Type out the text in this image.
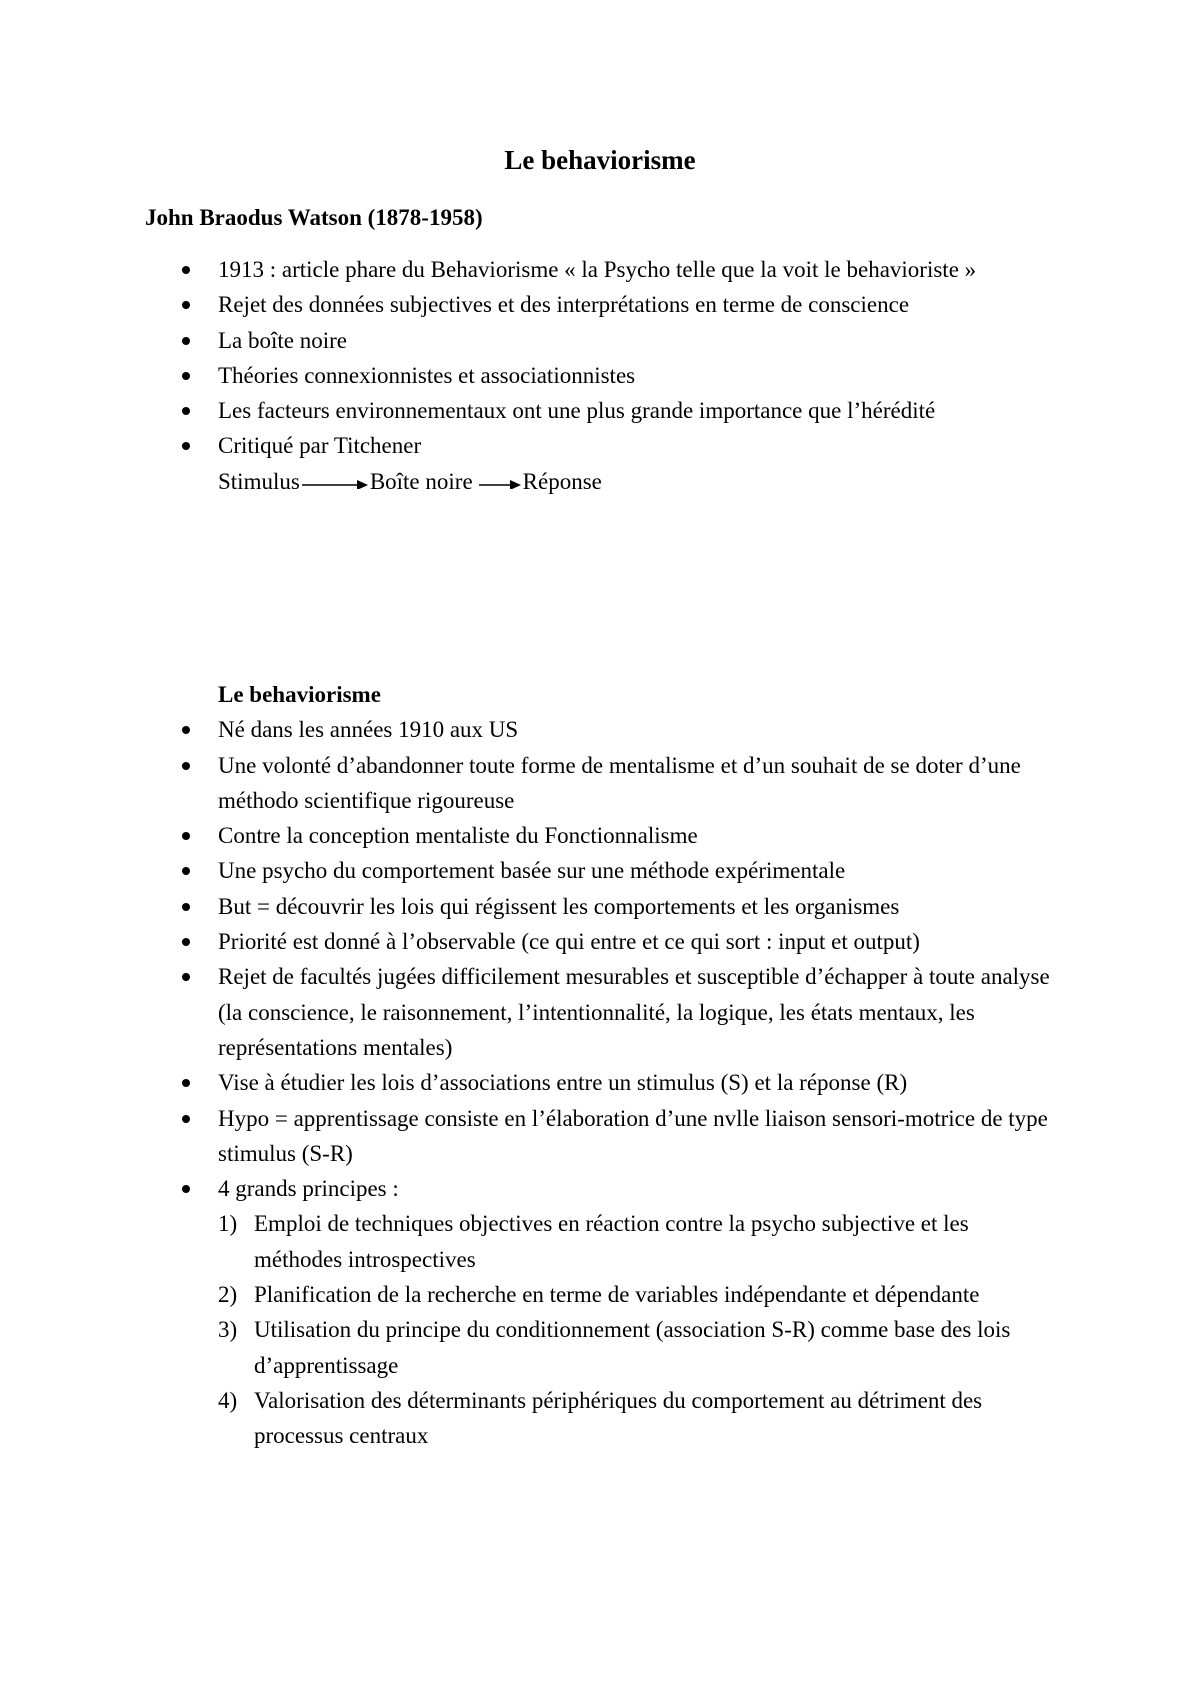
Le behaviorisme

John Braodus Watson (1878-1958)

1913 : article phare du Behaviorisme « la Psycho telle que la voit le behavioriste »

Rejet des données subjectives et des interprétations en terme de conscience

La boîte noire

Théories connexionnistes et associationnistes

Les facteurs environnementaux ont une plus grande importance que l’hérédité

Critiqué par Titchener

Stimulus	Boîte noire Réponse

Le behaviorisme

Né dans les années 1910 aux US

Une volonté d’abandonner toute forme de mentalisme et d’un souhait de se doter d’une méthodo scientifique rigoureuse

Contre la conception mentaliste du Fonctionnalisme

Une psycho du comportement basée sur une méthode expérimentale

But = découvrir les lois qui régissent les comportements et les organismes

Priorité est donné à l’observable (ce qui entre et ce qui sort : input et output)

Rejet de facultés jugées difficilement mesurables et susceptible d’échapper à toute analyse (la conscience, le raisonnement, l’intentionnalité, la logique, les états mentaux, les représentations mentales)

Vise à étudier les lois d’associations entre un stimulus (S) et la réponse (R)

Hypo = apprentissage consiste en l’élaboration d’une nvlle liaison sensori-motrice de type stimulus (S-R)

4 grands principes :

1) Emploi de techniques objectives en réaction contre la psycho subjective et les méthodes introspectives

2) Planification de la recherche en terme de variables indépendante et dépendante

3) Utilisation du principe du conditionnement (association S-R) comme base des lois d’apprentissage

4) Valorisation des déterminants périphériques du comportement au détriment des processus centraux
